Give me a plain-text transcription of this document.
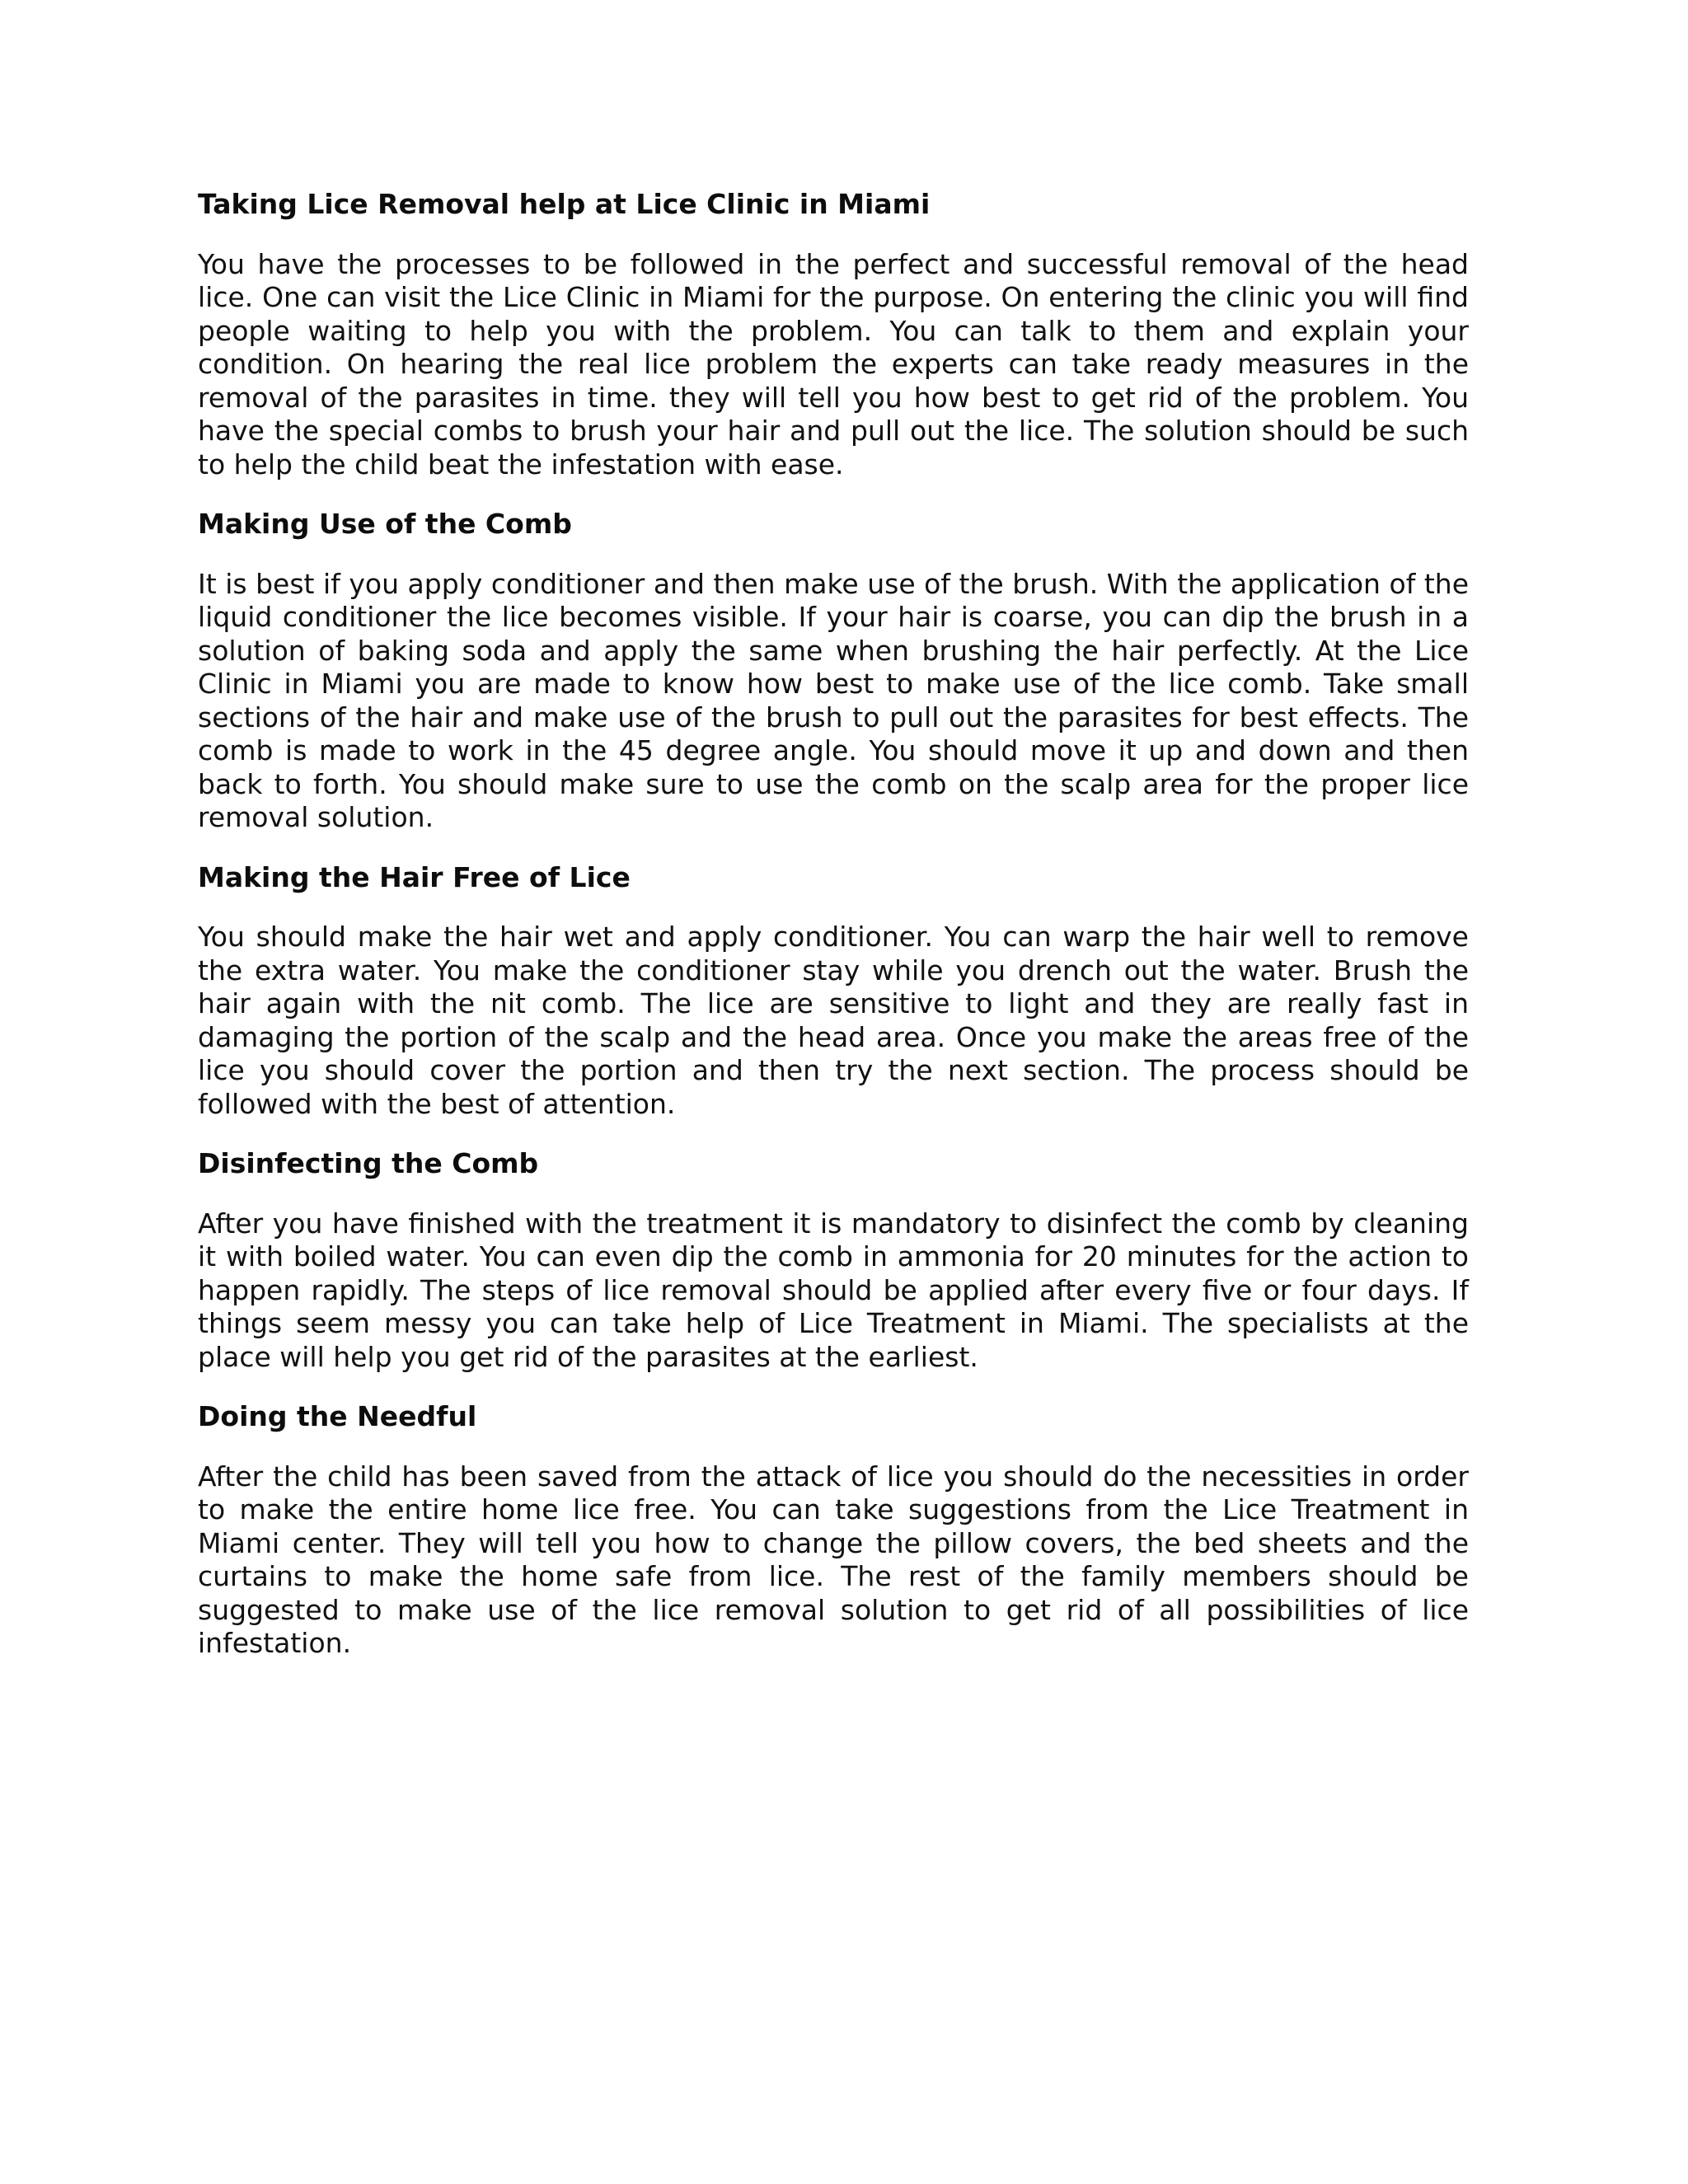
Taking Lice Removal help at Lice Clinic in Miami

You have the processes to be followed in the perfect and successful removal of the head lice. One can visit the Lice Clinic in Miami for the purpose. On entering the clinic you will find people waiting to help you with the problem. You can talk to them and explain your condition. On hearing the real lice problem the experts can take ready measures in the removal of the parasites in time. they will tell you how best to get rid of the problem. You have the special combs to brush your hair and pull out the lice. The solution should be such to help the child beat the infestation with ease.

Making Use of the Comb

It is best if you apply conditioner and then make use of the brush. With the application of the liquid conditioner the lice becomes visible. If your hair is coarse, you can dip the brush in a solution of baking soda and apply the same when brushing the hair perfectly. At the Lice Clinic in Miami you are made to know how best to make use of the lice comb. Take small sections of the hair and make use of the brush to pull out the parasites for best effects. The comb is made to work in the 45 degree angle. You should move it up and down and then back to forth. You should make sure to use the comb on the scalp area for the proper lice removal solution.

Making the Hair Free of Lice

You should make the hair wet and apply conditioner. You can warp the hair well to remove the extra water. You make the conditioner stay while you drench out the water. Brush the hair again with the nit comb. The lice are sensitive to light and they are really fast in damaging the portion of the scalp and the head area. Once you make the areas free of the lice you should cover the portion and then try the next section. The process should be followed with the best of attention.

Disinfecting the Comb

After you have finished with the treatment it is mandatory to disinfect the comb by cleaning it with boiled water. You can even dip the comb in ammonia for 20 minutes for the action to happen rapidly. The steps of lice removal should be applied after every five or four days. If things seem messy you can take help of Lice Treatment in Miami. The specialists at the place will help you get rid of the parasites at the earliest.

Doing the Needful

After the child has been saved from the attack of lice you should do the necessities in order to make the entire home lice free. You can take suggestions from the Lice Treatment in Miami center. They will tell you how to change the pillow covers, the bed sheets and the curtains to make the home safe from lice. The rest of the family members should be suggested to make use of the lice removal solution to get rid of all possibilities of lice infestation.
